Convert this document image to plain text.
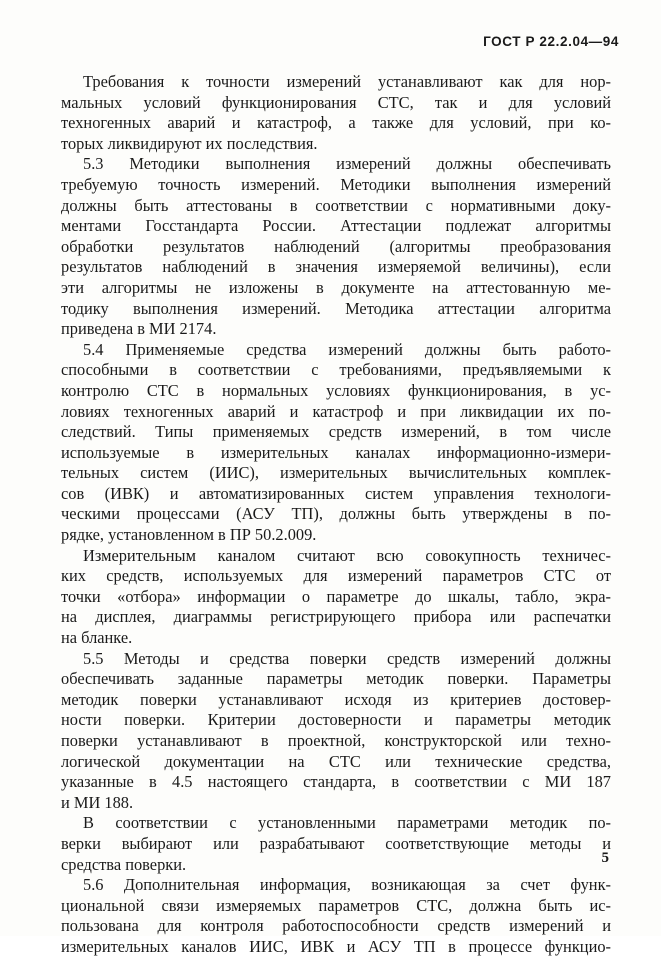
ГОСТ Р 22.2.04—94

Требования к точности измерений устанавливают как для нор-
мальных условий функционирования СТС, так и для условий
техногенных аварий и катастроф, а также для условий, при ко-
торых ликвидируют их последствия.

5.3 Методики выполнения измерений должны обеспечивать
требуемую точность измерений. Методики выполнения измерений
должны быть аттестованы в соответствии с нормативными доку-
ментами Госстандарта России. Аттестации подлежат алгоритмы
обработки результатов наблюдений (алгоритмы преобразования
результатов наблюдений в значения измеряемой величины), если
эти алгоритмы не изложены в документе на аттестованную ме-
тодику выполнения измерений. Методика аттестации алгоритма
приведена в МИ 2174.

5.4 Применяемые средства измерений должны быть работо-
способными в соответствии с требованиями, предъявляемыми к
контролю СТС в нормальных условиях функционирования, в ус-
ловиях техногенных аварий и катастроф и при ликвидации их по-
следствий. Типы применяемых средств измерений, в том числе
используемые в измерительных каналах информационно-измери-
тельных систем (ИИС), измерительных вычислительных комплек-
сов (ИВК) и автоматизированных систем управления технологи-
ческими процессами (АСУ ТП), должны быть утверждены в по-
рядке, установленном в ПР 50.2.009.

Измерительным каналом считают всю совокупность техничес-
ких средств, используемых для измерений параметров СТС от
точки «отбора» информации о параметре до шкалы, табло, экра-
на дисплея, диаграммы регистрирующего прибора или распечатки
на бланке.

5.5 Методы и средства поверки средств измерений должны
обеспечивать заданные параметры методик поверки. Параметры
методик поверки устанавливают исходя из критериев достовер-
ности поверки. Критерии достоверности и параметры методик
поверки устанавливают в проектной, конструкторской или техно-
логической документации на СТС или технические средства,
указанные в 4.5 настоящего стандарта, в соответствии с МИ 187
и МИ 188.

В соответствии с установленными параметрами методик по-
верки выбирают или разрабатывают соответствующие методы и
средства поверки.

5.6 Дополнительная информация, возникающая за счет функ-
циональной связи измеряемых параметров СТС, должна быть ис-
пользована для контроля работоспособности средств измерений и
измерительных каналов ИИС, ИВК и АСУ ТП в процессе функцио-

5
